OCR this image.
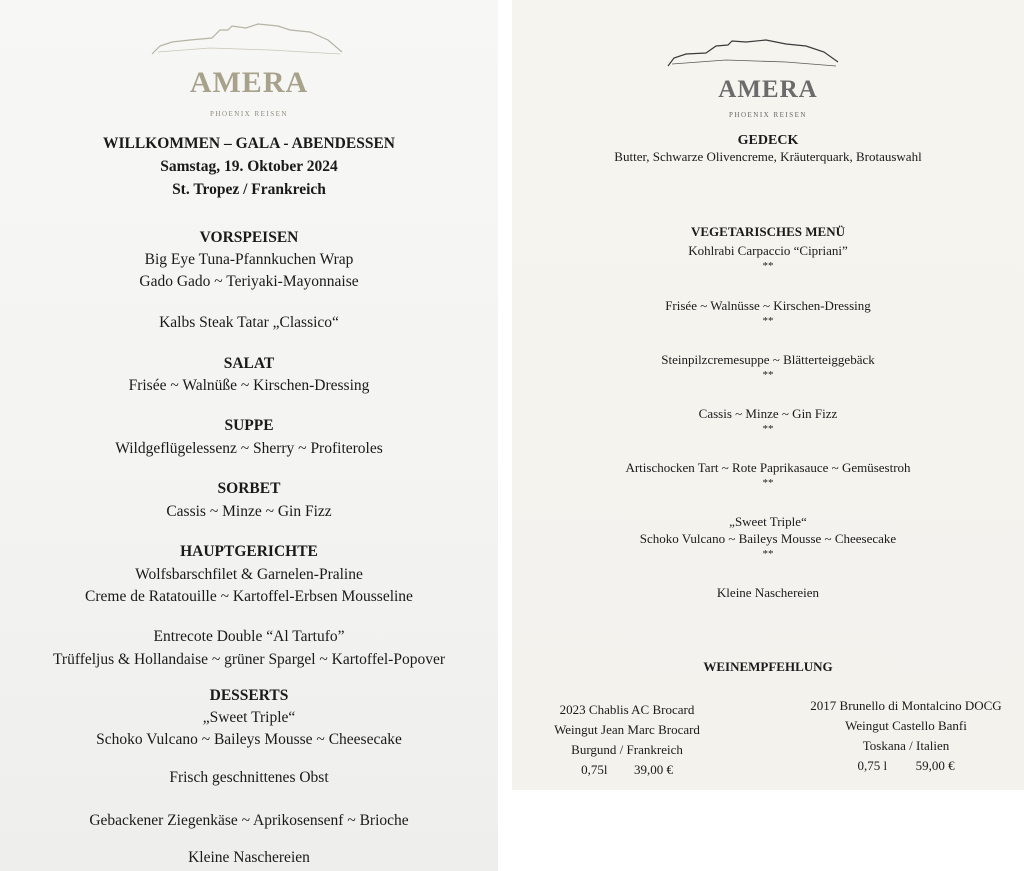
AMERA
PHOENIX REISEN
WILLKOMMEN – GALA - ABENDESSEN
Samstag, 19. Oktober 2024
St. Tropez / Frankreich
VORSPEISEN
Big Eye Tuna-Pfannkuchen Wrap
Gado Gado ~ Teriyaki-Mayonnaise
Kalbs Steak Tatar „Classico“
SALAT
Frisée ~ Walnüße ~ Kirschen-Dressing
SUPPE
Wildgeflügelessenz ~ Sherry ~ Profiteroles
SORBET
Cassis ~ Minze ~ Gin Fizz
HAUPTGERICHTE
Wolfsbarschfilet & Garnelen-Praline
Creme de Ratatouille ~ Kartoffel-Erbsen Mousseline
Entrecote Double “Al Tartufo”
Trüffeljus & Hollandaise ~ grüner Spargel ~ Kartoffel-Popover
DESSERTS
„Sweet Triple“
Schoko Vulcano ~ Baileys Mousse ~ Cheesecake
Frisch geschnittenes Obst
Gebackener Ziegenkäse ~ Aprikosensenf ~ Brioche
Kleine Naschereien
AMERA
PHOENIX REISEN
GEDECK
Butter, Schwarze Olivencreme, Kräuterquark, Brotauswahl
VEGETARISCHES MENÜ
Kohlrabi Carpaccio “Cipriani”
**
Frisée ~ Walnüsse ~ Kirschen-Dressing
**
Steinpilzcremesuppe ~ Blätterteiggebäck
**
Cassis ~ Minze ~ Gin Fizz
**
Artischocken Tart ~ Rote Paprikasauce ~ Gemüsestroh
**
„Sweet Triple“
Schoko Vulcano ~ Baileys Mousse ~ Cheesecake
**
Kleine Naschereien
WEINEMPFEHLUNG
2023 Chablis AC Brocard
Weingut Jean Marc Brocard
Burgund / Frankreich
0,75l 39,00 €
2017 Brunello di Montalcino DOCG
Weingut Castello Banfi
Toskana / Italien
0,75 l 59,00 €
